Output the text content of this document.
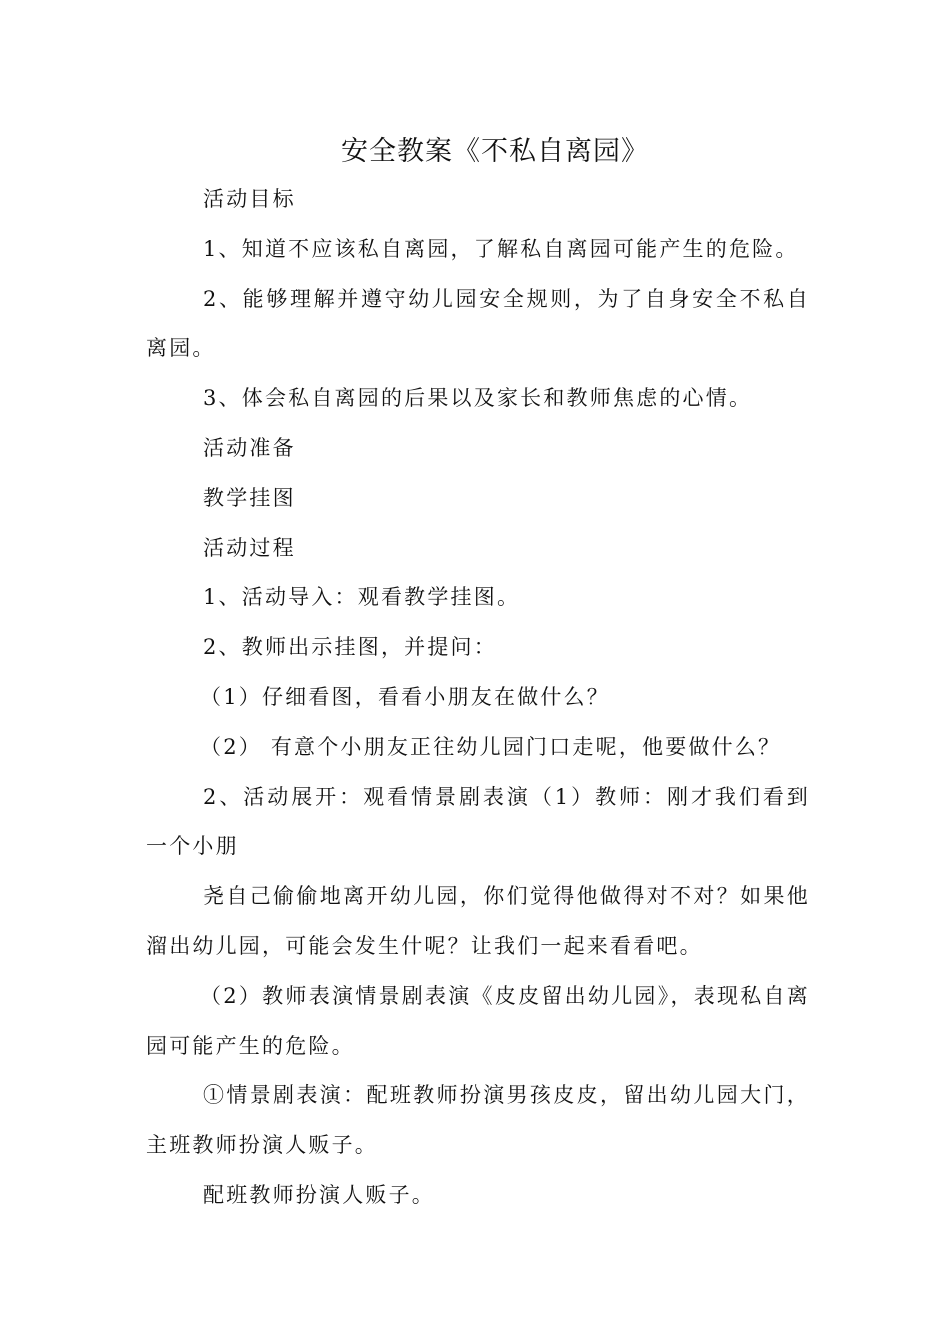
安全教案《不私自离园》

活动目标

1、知道不应该私自离园，了解私自离园可能产生的危险。

2、能够理解并遵守幼儿园安全规则，为了自身安全不私自离园。

3、体会私自离园的后果以及家长和教师焦虑的心情。

活动准备

教学挂图

活动过程

1、活动导入：观看教学挂图。

2、教师出示挂图，并提问：

（1）仔细看图，看看小朋友在做什么？

（2） 有意个小朋友正往幼儿园门口走呢，他要做什么？

2、活动展开：观看情景剧表演（1）教师：刚才我们看到一个小朋

尧自己偷偷地离开幼儿园，你们觉得他做得对不对？如果他溜出幼儿园，可能会发生什呢？让我们一起来看看吧。

（2）教师表演情景剧表演《皮皮留出幼儿园》，表现私自离园可能产生的危险。

①情景剧表演：配班教师扮演男孩皮皮，留出幼儿园大门，主班教师扮演人贩子。

配班教师扮演人贩子。
